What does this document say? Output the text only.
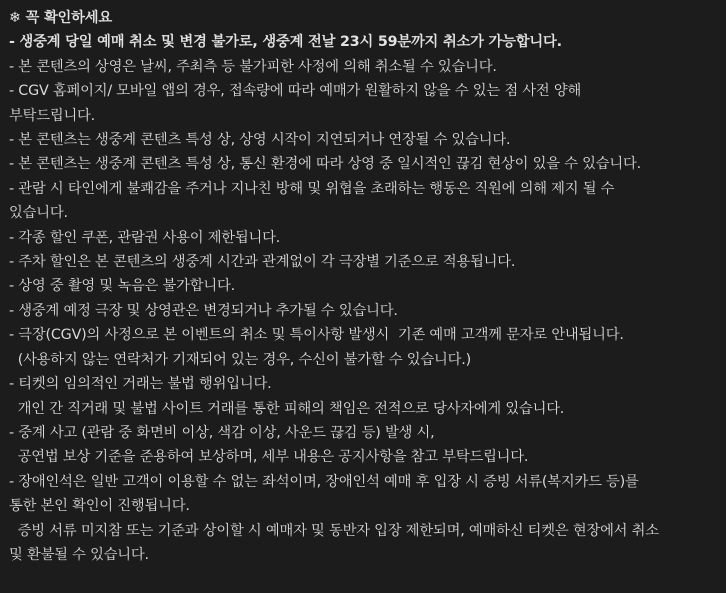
❄ 꼭 확인하세요
- 생중계 당일 예매 취소 및 변경 불가로, 생중계 전날 23시 59분까지 취소가 가능합니다.
- 본 콘텐츠의 상영은 날씨, 주최측 등 불가피한 사정에 의해 취소될 수 있습니다.
- CGV 홈페이지/ 모바일 앱의 경우, 접속량에 따라 예매가 원활하지 않을 수 있는 점 사전 양해
부탁드립니다.
- 본 콘텐츠는 생중계 콘텐츠 특성 상, 상영 시작이 지연되거나 연장될 수 있습니다.
- 본 콘텐츠는 생중계 콘텐츠 특성 상, 통신 환경에 따라 상영 중 일시적인 끊김 현상이 있을 수 있습니다.
- 관람 시 타인에게 불쾌감을 주거나 지나친 방해 및 위협을 초래하는 행동은 직원에 의해 제지 될 수
있습니다.
- 각종 할인 쿠폰, 관람권 사용이 제한됩니다.
- 주차 할인은 본 콘텐츠의 생중계 시간과 관계없이 각 극장별 기준으로 적용됩니다.
- 상영 중 촬영 및 녹음은 불가합니다.
- 생중계 예정 극장 및 상영관은 변경되거나 추가될 수 있습니다.
- 극장(CGV)의 사정으로 본 이벤트의 취소 및 특이사항 발생시  기존 예매 고객께 문자로 안내됩니다.
(사용하지 않는 연락처가 기재되어 있는 경우, 수신이 불가할 수 있습니다.)
- 티켓의 임의적인 거래는 불법 행위입니다.
개인 간 직거래 및 불법 사이트 거래를 통한 피해의 책임은 전적으로 당사자에게 있습니다.
- 중계 사고 (관람 중 화면비 이상, 색감 이상, 사운드 끊김 등) 발생 시,
공연법 보상 기준을 준용하여 보상하며, 세부 내용은 공지사항을 참고 부탁드립니다.
- 장애인석은 일반 고객이 이용할 수 없는 좌석이며, 장애인석 예매 후 입장 시 증빙 서류(복지카드 등)를
통한 본인 확인이 진행됩니다.
증빙 서류 미지참 또는 기준과 상이할 시 예매자 및 동반자 입장 제한되며, 예매하신 티켓은 현장에서 취소
및 환불될 수 있습니다.
